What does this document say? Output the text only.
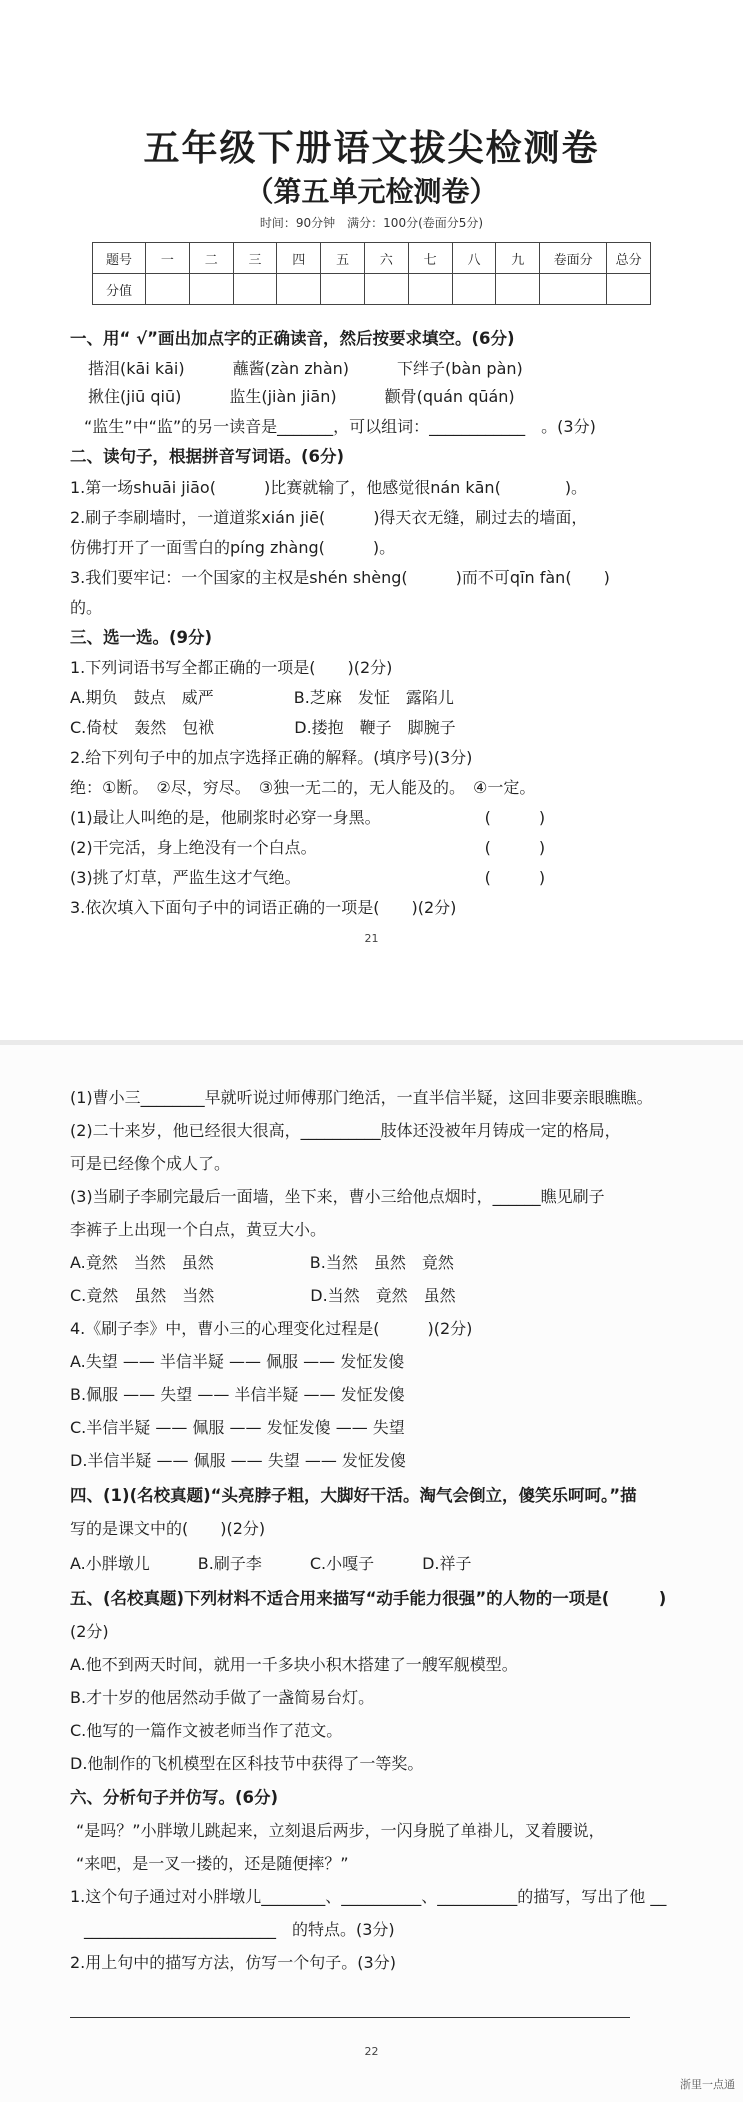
五年级下册语文拔尖检测卷
（第五单元检测卷）
时间：90分钟　满分：100分(卷面分5分)
题号	一	二	三	四	五	六	七	八	九	卷面分	总分
分值											
一、用“ √”画出加点字的正确读音，然后按要求填空。(6分)
揩泪(kāi kāi)　　　蘸酱(zàn zhàn)　　　下绊子(bàn pàn)
揪住(jiū qiū)　　　监生(jiàn jiān)　　　颧骨(quán qūán)
“监生”中“监”的另一读音是_______，可以组词：____________　。(3分)
二、读句子，根据拼音写词语。(6分)
1.第一场shuāi jiāo(　　　)比赛就输了，他感觉很nán kān(　　　　)。
2.刷子李刷墙时，一道道浆xián jiē(　　　)得天衣无缝，刷过去的墙面，
仿佛打开了一面雪白的píng zhàng(　　　)。
3.我们要牢记：一个国家的主权是shén shèng(　　　)而不可qīn fàn(　　)
的。
三、选一选。(9分)
1.下列词语书写全都正确的一项是(　　)(2分)
A.期负　鼓点　威严　　　　　B.芝麻　发怔　露陷儿
C.倚杖　轰然　包袱　　　　　D.搂抱　鞭子　脚腕子
2.给下列句子中的加点字选择正确的解释。(填序号)(3分)
绝：①断。　②尽，穷尽。　③独一无二的，无人能及的。　④一定。
(1)最让人叫绝的是，他刷浆时必穿一身黑。　　　　　　　(　　　)
(2)干完活，身上绝没有一个白点。　　　　　　　　　　　(　　　)
(3)挑了灯草，严监生这才气绝。　　　　　　　　　　　　(　　　)
3.依次填入下面句子中的词语正确的一项是(　　)(2分)
21
(1)曹小三________早就听说过师傅那门绝活，一直半信半疑，这回非要亲眼瞧瞧。
(2)二十来岁，他已经很大很高，__________肢体还没被年月铸成一定的格局，
可是已经像个成人了。
(3)当刷子李刷完最后一面墙，坐下来，曹小三给他点烟时，______瞧见刷子
李裤子上出现一个白点，黄豆大小。
A.竟然　当然　虽然　　　　　　B.当然　虽然　竟然
C.竟然　虽然　当然　　　　　　D.当然　竟然　虽然
4.《刷子李》中，曹小三的心理变化过程是(　　　)(2分)
A.失望 —— 半信半疑 —— 佩服 —— 发怔发傻
B.佩服 —— 失望 —— 半信半疑 —— 发怔发傻
C.半信半疑 —— 佩服 —— 发怔发傻 —— 失望
D.半信半疑 —— 佩服 —— 失望 —— 发怔发傻
四、(1)(名校真题)“头亮脖子粗，大脚好干活。淘气会倒立，傻笑乐呵呵。”描
写的是课文中的(　　)(2分)
A.小胖墩儿　　　B.刷子李　　　C.小嘎子　　　D.祥子
五、(名校真题)下列材料不适合用来描写“动手能力很强”的人物的一项是(　　　)
(2分)
A.他不到两天时间，就用一千多块小积木搭建了一艘军舰模型。
B.才十岁的他居然动手做了一盏简易台灯。
C.他写的一篇作文被老师当作了范文。
D.他制作的飞机模型在区科技节中获得了一等奖。
六、分析句子并仿写。(6分)
“是吗？”小胖墩儿跳起来，立刻退后两步，一闪身脱了单褂儿，叉着腰说，
“来吧，是一叉一搂的，还是随便摔？”
1.这个句子通过对小胖墩儿________、__________、__________的描写，写出了他 __
________________________　的特点。(3分)
2.用上句中的描写方法，仿写一个句子。(3分)
22
浙里一点通
